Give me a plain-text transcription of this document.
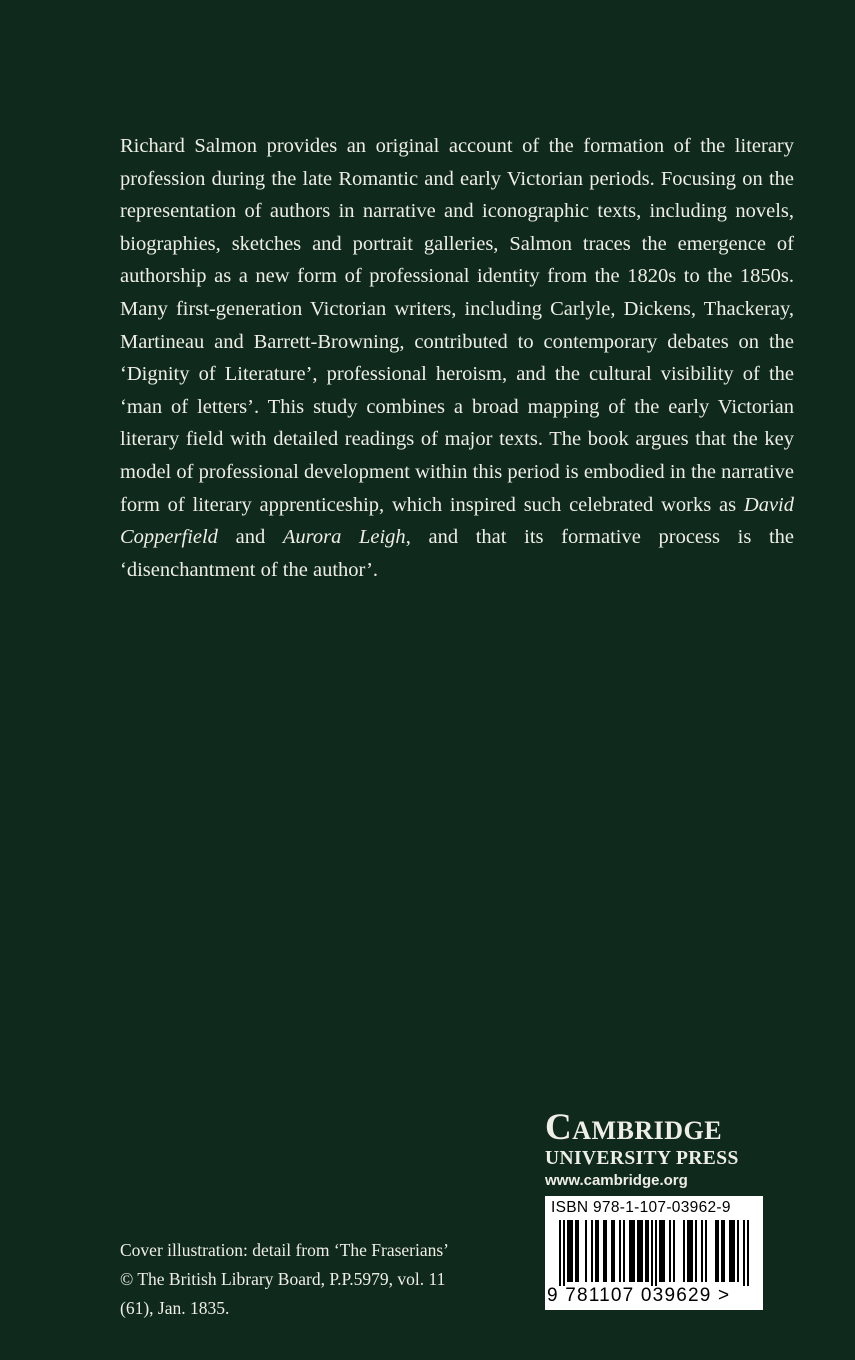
Richard Salmon provides an original account of the formation of the literary profession during the late Romantic and early Victorian periods. Focusing on the representation of authors in narrative and iconographic texts, including novels, biographies, sketches and portrait galleries, Salmon traces the emergence of authorship as a new form of professional identity from the 1820s to the 1850s. Many first-generation Victorian writers, including Carlyle, Dickens, Thackeray, Martineau and Barrett-Browning, contributed to contemporary debates on the ‘Dignity of Literature’, professional heroism, and the cultural visibility of the ‘man of letters’. This study combines a broad mapping of the early Victorian literary field with detailed readings of major texts. The book argues that the key model of professional development within this period is embodied in the narrative form of literary apprenticeship, which inspired such celebrated works as David Copperfield and Aurora Leigh, and that its formative process is the ‘disenchantment of the author’.

Cover illustration: detail from ‘The Fraserians’
© The British Library Board, P.P.5979, vol. 11
(61), Jan. 1835.
Cambridge
UNIVERSITY PRESS
www.cambridge.org
ISBN 978-1-107-03962-9
9 781107 039629 >
